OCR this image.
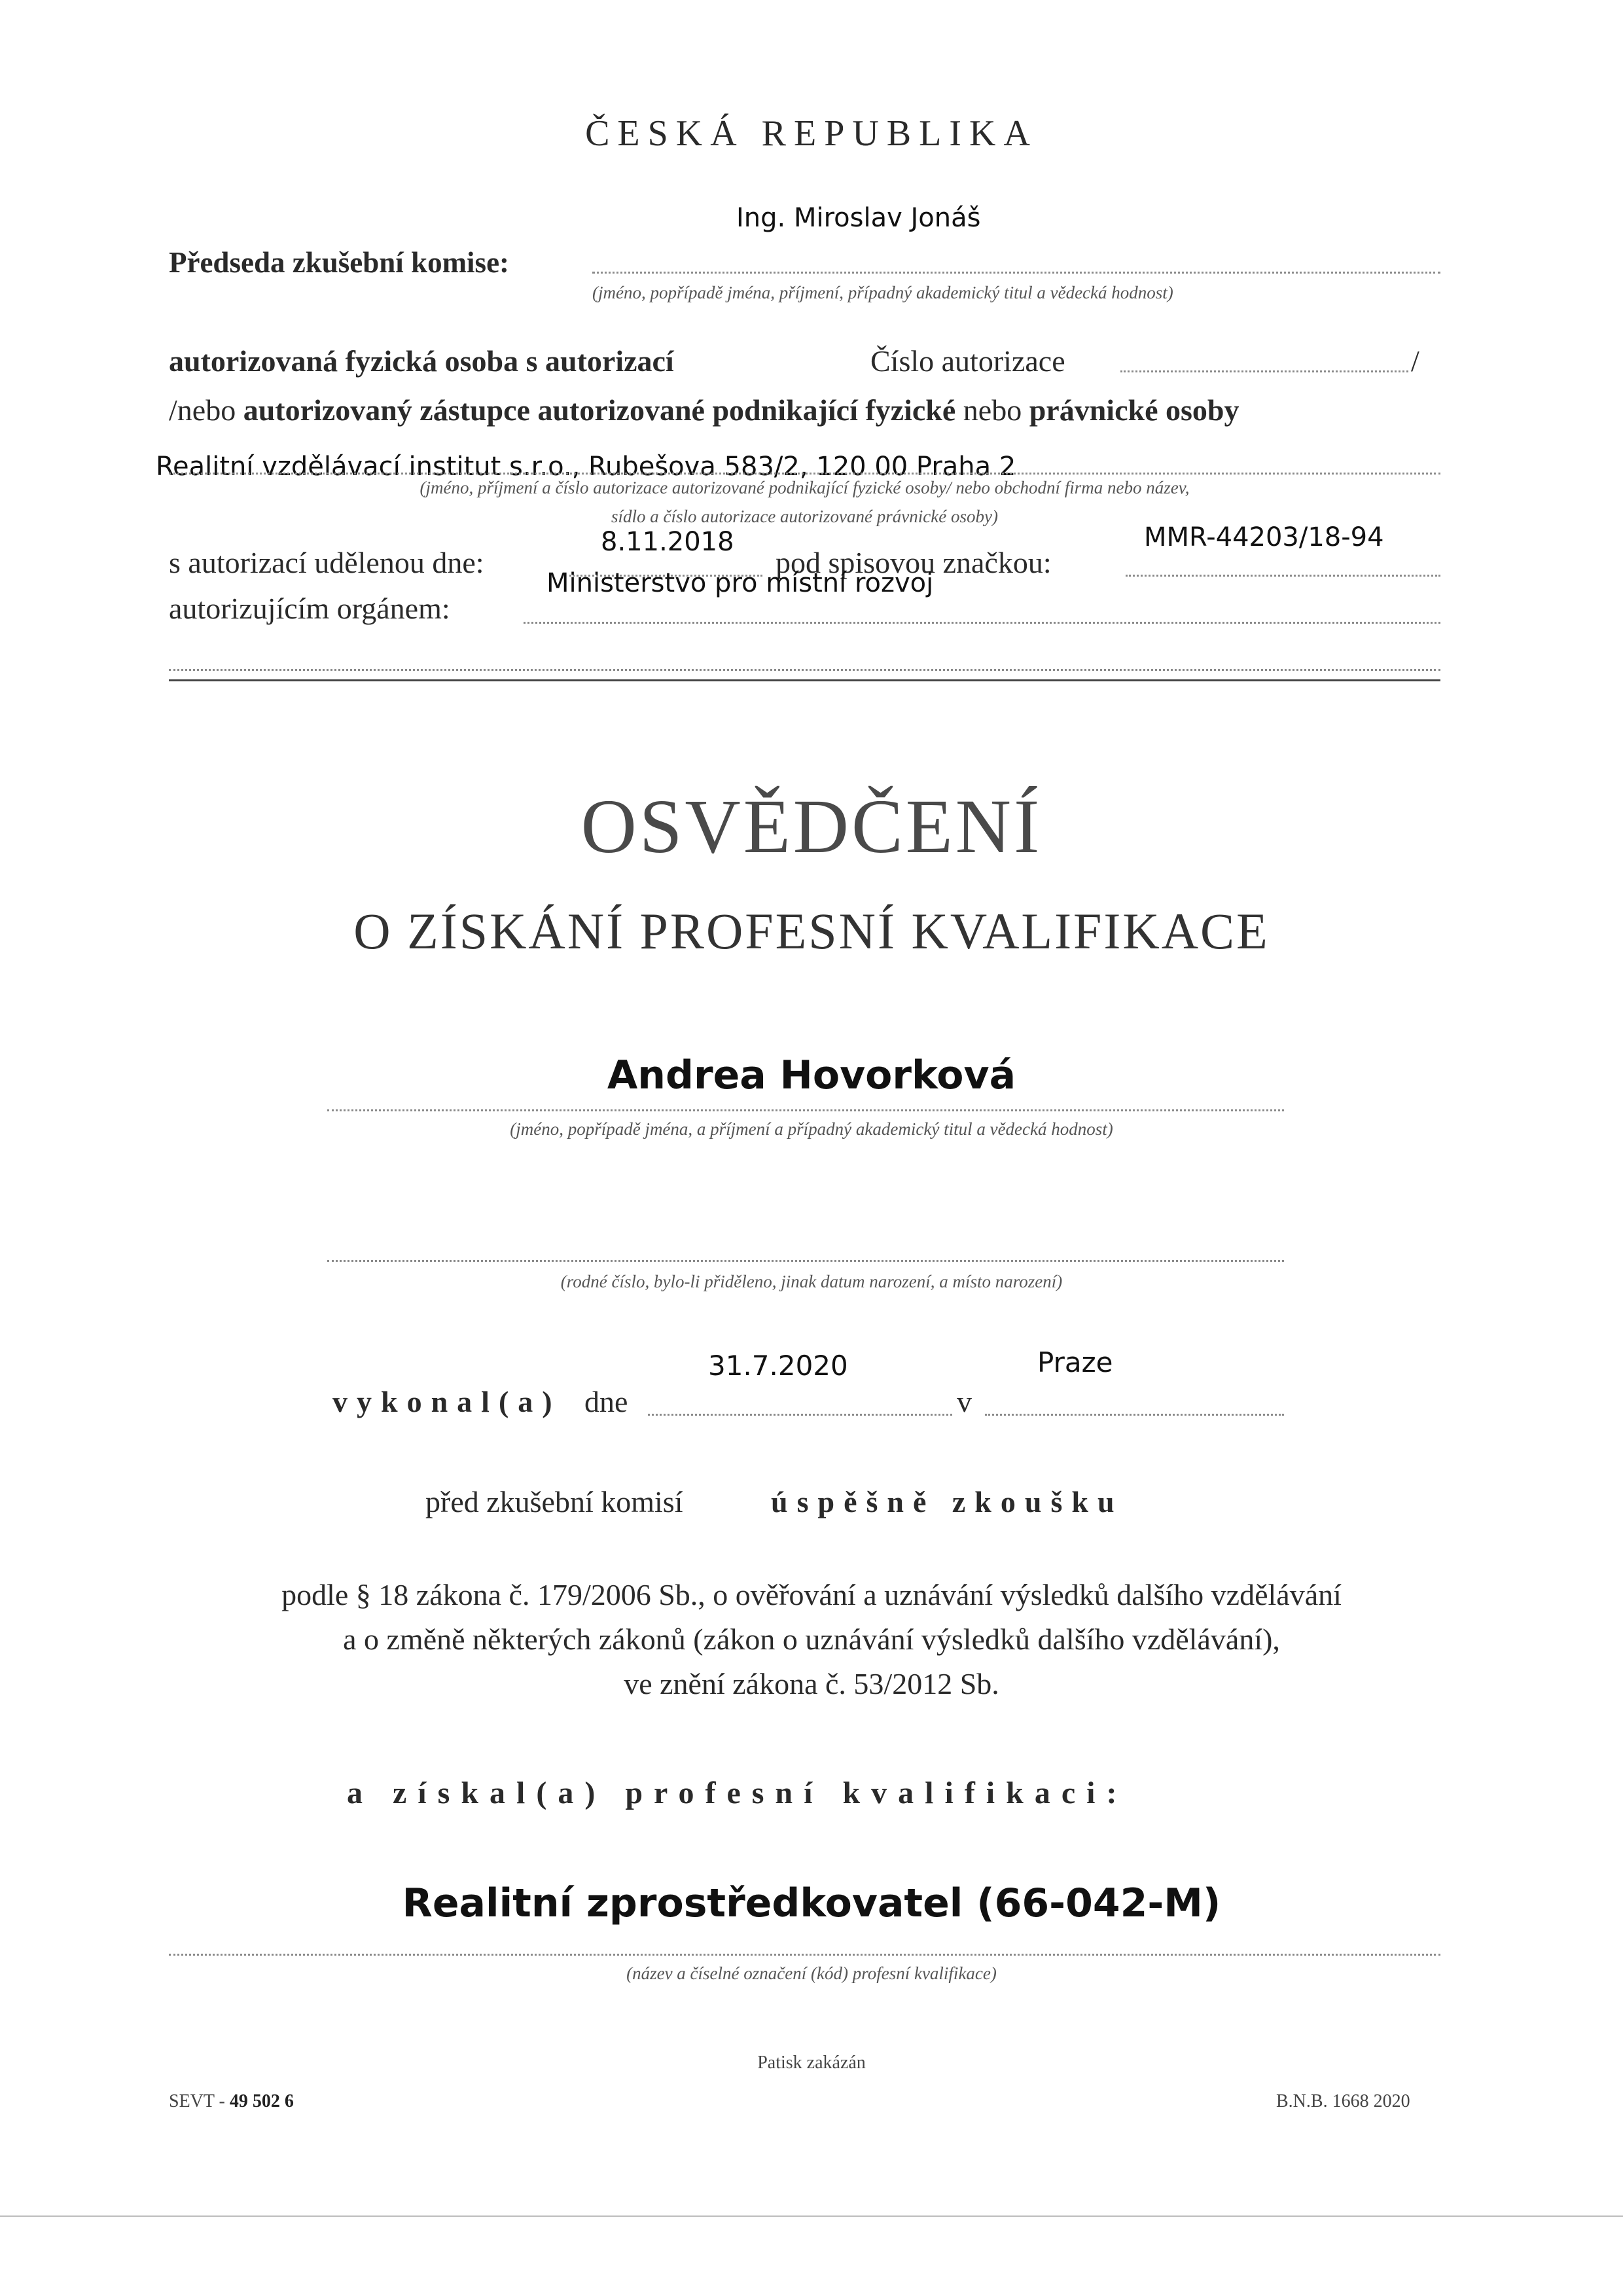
ČESKÁ REPUBLIKA
Ing. Miroslav Jonáš
Předseda zkušební komise:
(jméno, popřípadě jména, příjmení, případný akademický titul a vědecká hodnost)
autorizovaná fyzická osoba s autorizací	Číslo autorizace	/
/nebo autorizovaný zástupce autorizované podnikající fyzické nebo právnické osoby
Realitní vzdělávací institut s.r.o., Rubešova 583/2, 120 00 Praha 2
(jméno, příjmení a číslo autorizace autorizované podnikající fyzické osoby/ nebo obchodní firma nebo název,
sídlo a číslo autorizace autorizované právnické osoby)
8.11.2018	MMR-44203/18-94
s autorizací udělenou dne:	pod spisovou značkou:
Ministerstvo pro místní rozvoj
autorizujícím orgánem:
OSVĚDČENÍ
O ZÍSKÁNÍ PROFESNÍ KVALIFIKACE
Andrea Hovorková
(jméno, popřípadě jména, a příjmení a případný akademický titul a vědecká hodnost)
(rodné číslo, bylo-li přiděleno, jinak datum narození, a místo narození)
31.7.2020	Praze
vykonal(a) dne	v
před zkušební komisí	úspěšně zkoušku
podle § 18 zákona č. 179/2006 Sb., o ověřování a uznávání výsledků dalšího vzdělávání
a o změně některých zákonů (zákon o uznávání výsledků dalšího vzdělávání),
ve znění zákona č. 53/2012 Sb.
a získal(a) profesní kvalifikaci:
Realitní zprostředkovatel (66-042-M)
(název a číselné označení (kód) profesní kvalifikace)
Patisk zakázán
SEVT - 49 502 6	B.N.B. 1668 2020
